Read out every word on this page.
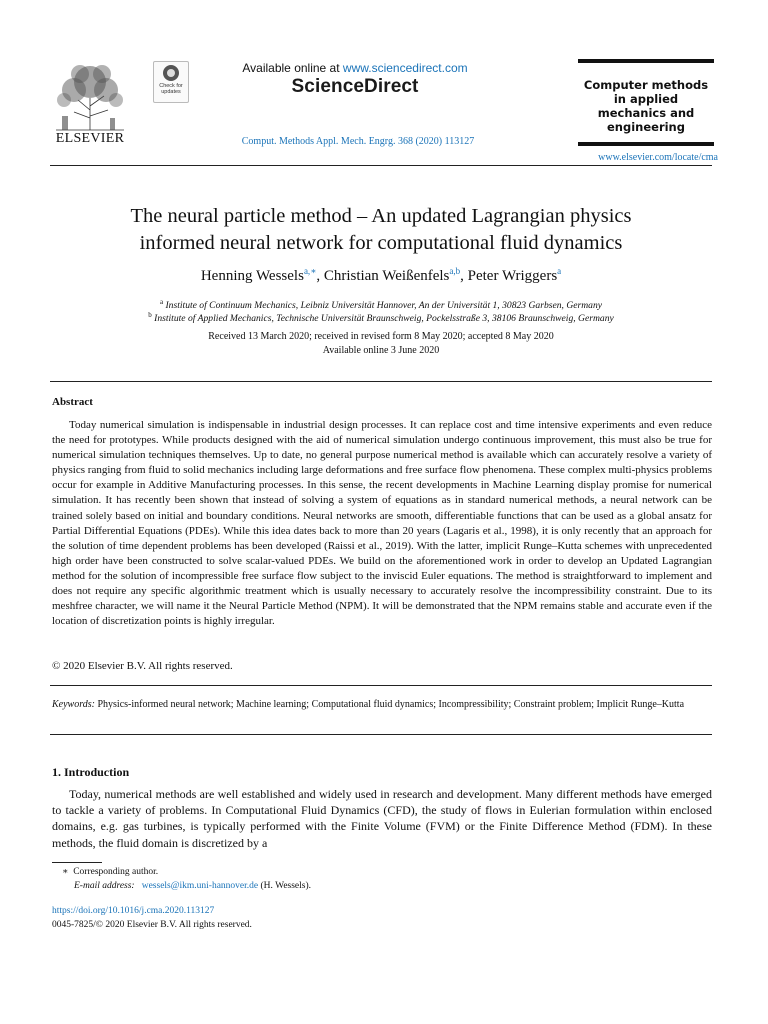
ELSEVIER
Check for
updates
Available online at www.sciencedirect.com
ScienceDirect
Comput. Methods Appl. Mech. Engrg. 368 (2020) 113127
Computer methods
in applied
mechanics and
engineering
www.elsevier.com/locate/cma
The neural particle method – An updated Lagrangian physics
informed neural network for computational fluid dynamics
Henning Wessels$^{a,∗}$, Christian Weißenfels$^{a,b}$, Peter Wriggers$^a$
$^a$ Institute of Continuum Mechanics, Leibniz Universität Hannover, An der Universität 1, 30823 Garbsen, Germany
$^b$ Institute of Applied Mechanics, Technische Universität Braunschweig, Pockelsstraße 3, 38106 Braunschweig, Germany
Received 13 March 2020; received in revised form 8 May 2020; accepted 8 May 2020
Available online 3 June 2020
Abstract
Today numerical simulation is indispensable in industrial design processes. It can replace cost and time intensive experiments and even reduce the need for prototypes. While products designed with the aid of numerical simulation undergo continuous improvement, this must also be true for numerical simulation techniques themselves. Up to date, no general purpose numerical method is available which can accurately resolve a variety of physics ranging from fluid to solid mechanics including large deformations and free surface flow phenomena. These complex multi-physics problems occur for example in Additive Manufacturing processes. In this sense, the recent developments in Machine Learning display promise for numerical simulation. It has recently been shown that instead of solving a system of equations as in standard numerical methods, a neural network can be trained solely based on initial and boundary conditions. Neural networks are smooth, differentiable functions that can be used as a global ansatz for Partial Differential Equations (PDEs). While this idea dates back to more than 20 years (Lagaris et al., 1998), it is only recently that an approach for the solution of time dependent problems has been developed (Raissi et al., 2019). With the latter, implicit Runge–Kutta schemes with unprecedented high order have been constructed to solve scalar-valued PDEs. We build on the aforementioned work in order to develop an Updated Lagrangian method for the solution of incompressible free surface flow subject to the inviscid Euler equations. The method is straightforward to implement and does not require any specific algorithmic treatment which is usually necessary to accurately resolve the incompressibility constraint. Due to its meshfree character, we will name it the Neural Particle Method (NPM). It will be demonstrated that the NPM remains stable and accurate even if the location of discretization points is highly irregular.
© 2020 Elsevier B.V. All rights reserved.
Keywords: Physics-informed neural network; Machine learning; Computational fluid dynamics; Incompressibility; Constraint problem; Implicit Runge–Kutta
1. Introduction
Today, numerical methods are well established and widely used in research and development. Many different methods have emerged to tackle a variety of problems. In Computational Fluid Dynamics (CFD), the study of flows in Eulerian formulation within enclosed domains, e.g. gas turbines, is typically performed with the Finite Volume (FVM) or the Finite Difference Method (FDM). In these methods, the fluid domain is discretized by a
∗ Corresponding author.
E-mail address: wessels@ikm.uni-hannover.de (H. Wessels).
https://doi.org/10.1016/j.cma.2020.113127
0045-7825/© 2020 Elsevier B.V. All rights reserved.
